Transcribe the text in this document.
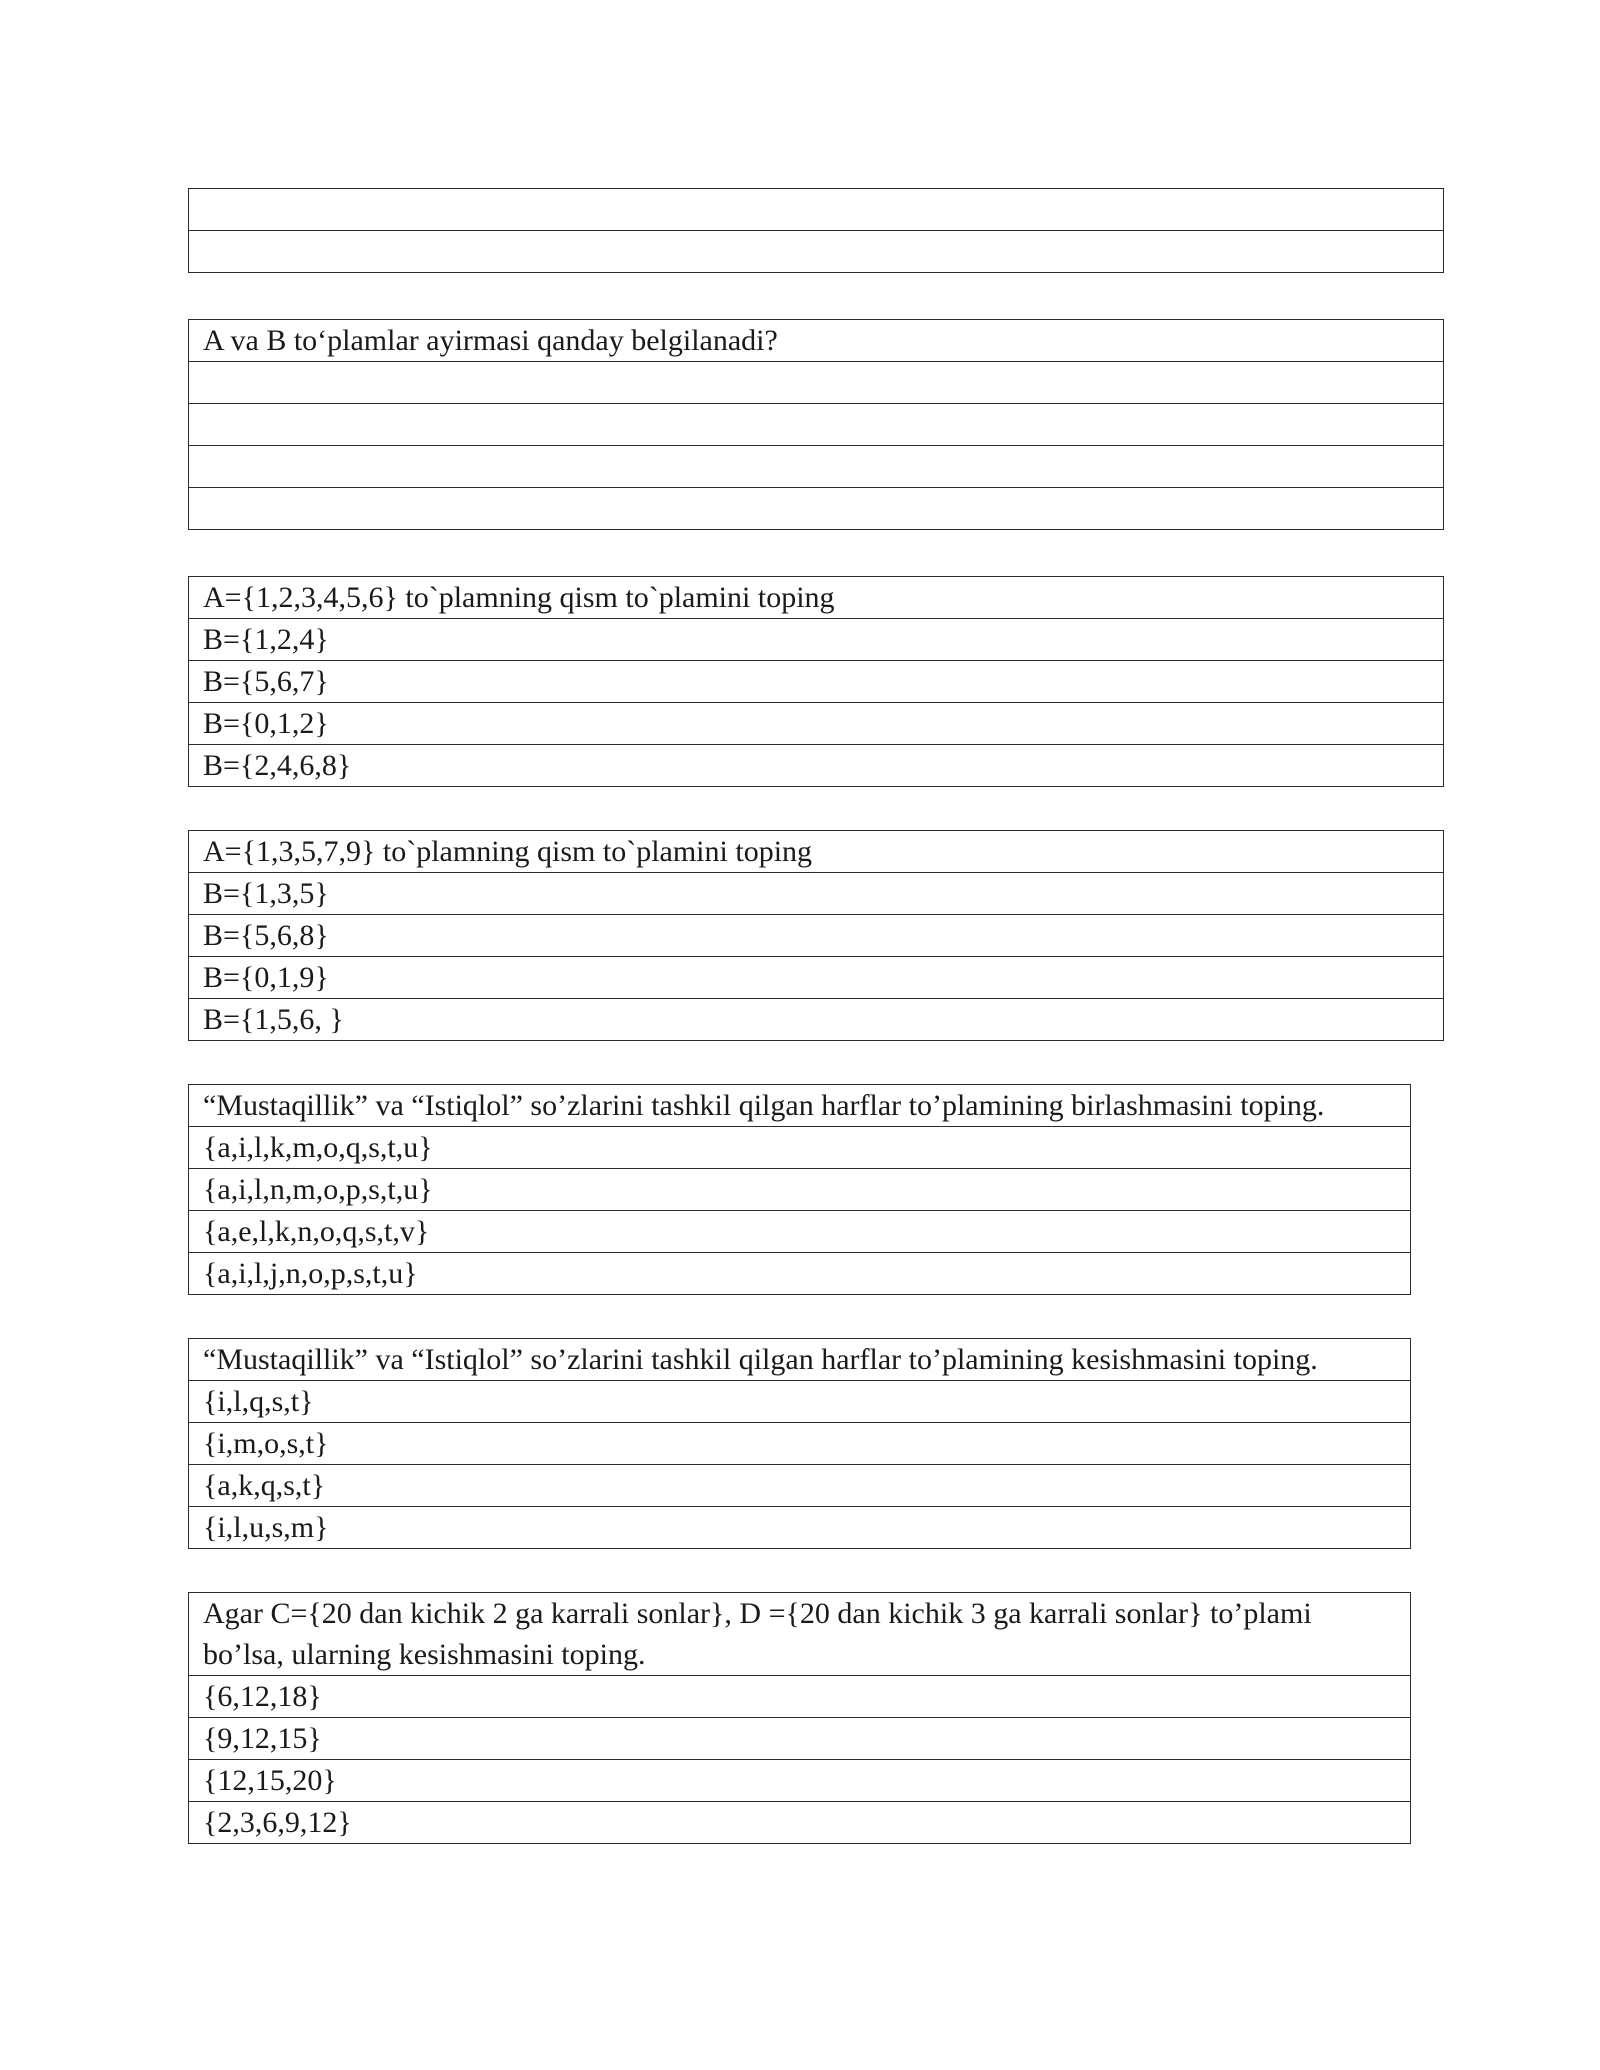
A va B to‘plamlar ayirmasi qanday belgilanadi?

A={1,2,3,4,5,6} to`plamning qism to`plamini toping
B={1,2,4}
B={5,6,7}
B={0,1,2}
B={2,4,6,8}
A={1,3,5,7,9} to`plamning qism to`plamini toping
B={1,3,5}
B={5,6,8}
B={0,1,9}
B={1,5,6, }
“Mustaqillik” va “Istiqlol” so’zlarini tashkil qilgan harflar to’plamining birlashmasini toping.
{a,i,l,k,m,o,q,s,t,u}
{a,i,l,n,m,o,p,s,t,u}
{a,e,l,k,n,o,q,s,t,v}
{a,i,l,j,n,o,p,s,t,u}
“Mustaqillik” va “Istiqlol” so’zlarini tashkil qilgan harflar to’plamining kesishmasini toping.
{i,l,q,s,t}
{i,m,o,s,t}
{a,k,q,s,t}
{i,l,u,s,m}
Agar C={20 dan kichik 2 ga karrali sonlar}, D ={20 dan kichik 3 ga karrali sonlar} to’plami bo’lsa, ularning kesishmasini toping.
{6,12,18}
{9,12,15}
{12,15,20}
{2,3,6,9,12}
